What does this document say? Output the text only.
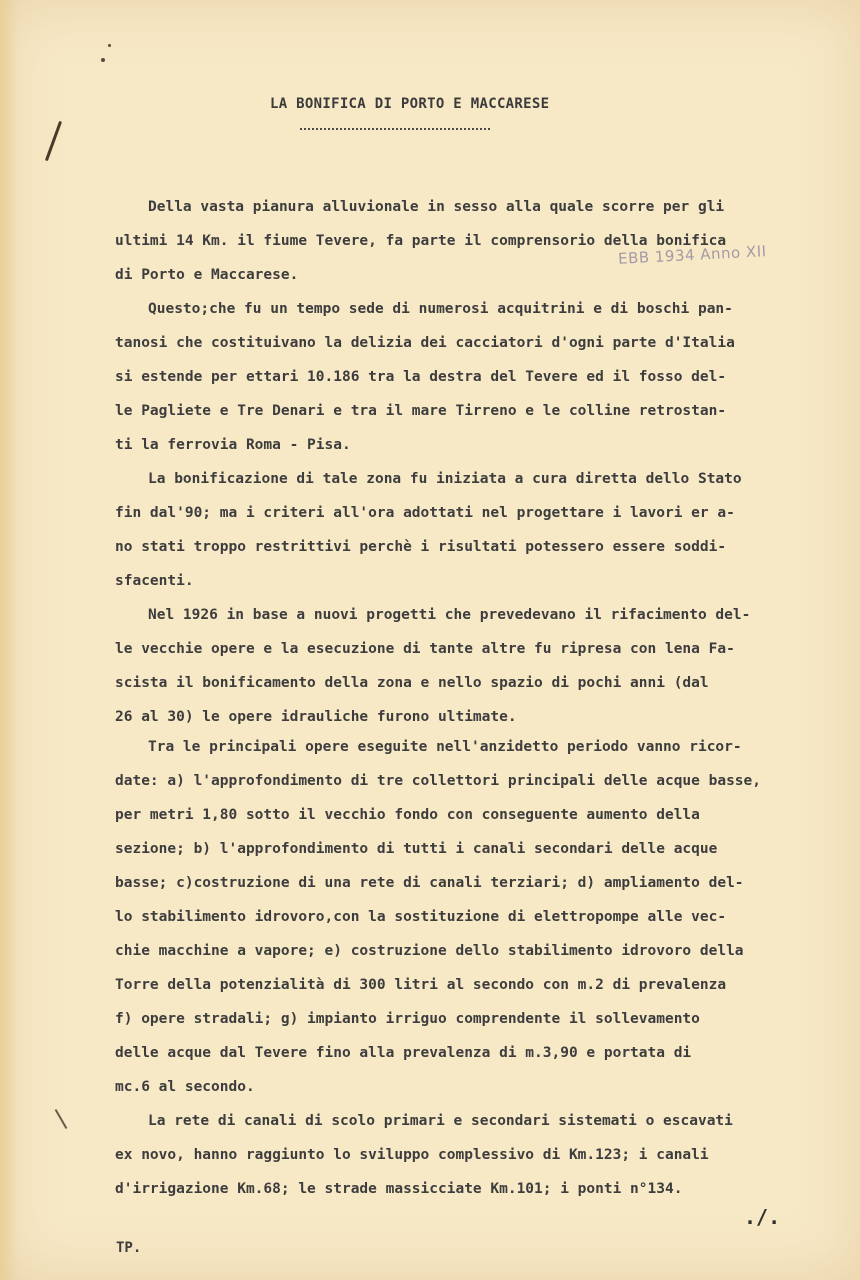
LA BONIFICA DI PORTO E MACCARESE
EBB 1934 Anno XII
Della vasta pianura alluvionale in sesso alla quale scorre per gli
ultimi 14 Km. il fiume Tevere, fa parte il comprensorio della bonifica
di Porto e Maccarese.
Questo;che fu un tempo sede di numerosi acquitrini e di boschi pan-
tanosi che costituivano la delizia dei cacciatori d'ogni parte d'Italia
si estende per ettari 10.186 tra la destra del Tevere ed il fosso del-
le Pagliete e Tre Denari e tra il mare Tirreno e le colline retrostan-
ti la ferrovia Roma - Pisa.
La bonificazione di tale zona fu iniziata a cura diretta dello Stato
fin dal'90; ma i criteri all'ora adottati nel progettare i lavori er a-
no stati troppo restrittivi perchè i risultati potessero essere soddi-
sfacenti.
Nel 1926 in base a nuovi progetti che prevedevano il rifacimento del-
le vecchie opere e la esecuzione di tante altre fu ripresa con lena Fa-
scista il bonificamento della zona e nello spazio di pochi anni (dal
26 al 30) le opere idrauliche furono ultimate.
Tra le principali opere eseguite nell'anzidetto periodo vanno ricor-
date: a) l'approfondimento di tre collettori principali delle acque basse,
per metri 1,80 sotto il vecchio fondo con conseguente aumento della
sezione; b) l'approfondimento di tutti i canali secondari delle acque
basse; c)costruzione di una rete di canali terziari; d) ampliamento del-
lo stabilimento idrovoro,con la sostituzione di elettropompe alle vec-
chie macchine a vapore; e) costruzione dello stabilimento idrovoro della
Torre della potenzialità di 300 litri al secondo con m.2 di prevalenza
f) opere stradali; g) impianto irriguo comprendente il sollevamento
delle acque dal Tevere fino alla prevalenza di m.3,90 e portata di
mc.6 al secondo.
La rete di canali di scolo primari e secondari sistemati o escavati
ex novo, hanno raggiunto lo sviluppo complessivo di Km.123; i canali
d'irrigazione Km.68; le strade massicciate Km.101; i ponti n°134.
./.
TP.
